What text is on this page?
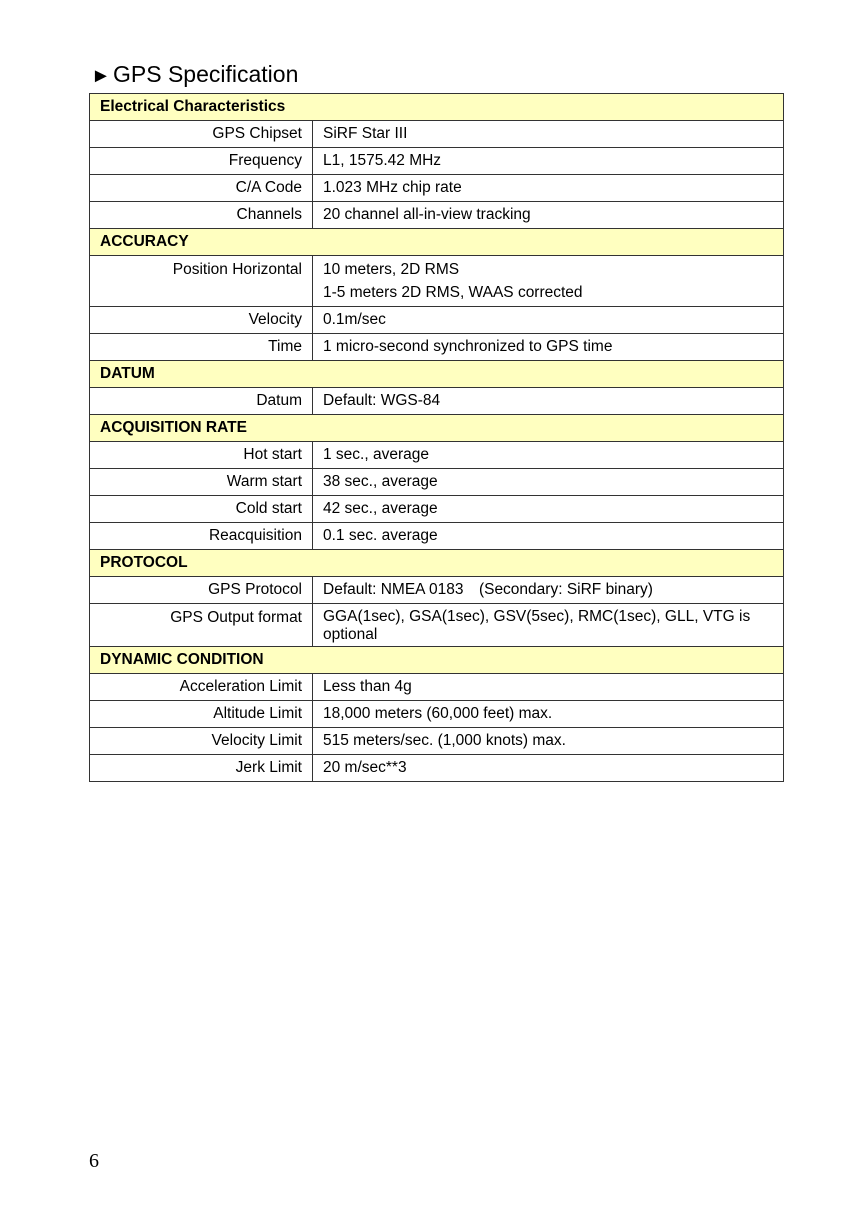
►GPS Specification
Electrical Characteristics	
GPS Chipset	SiRF Star III
Frequency	L1, 1575.42 MHz
C/A Code	1.023 MHz chip rate
Channels	20 channel all-in-view tracking
ACCURACY	

Position Horizontal	10 meters, 2D RMS
1-5 meters 2D RMS, WAAS corrected

Velocity	0.1m/sec
Time	1 micro-second synchronized to GPS time
DATUM	
Datum	Default: WGS-84
ACQUISITION RATE	
Hot start	1 sec., average
Warm start	38 sec., average
Cold start	42 sec., average
Reacquisition	0.1 sec. average
PROTOCOL	
GPS Protocol	Default: NMEA 0183 (Secondary: SiRF binary)

GPS Output format	GGA(1sec), GSA(1sec), GSV(5sec), RMC(1sec), GLL, VTG is optional

DYNAMIC CONDITION	
Acceleration Limit	Less than 4g
Altitude Limit	18,000 meters (60,000 feet) max.
Velocity Limit	515 meters/sec. (1,000 knots) max.
Jerk Limit	20 m/sec**3
6
